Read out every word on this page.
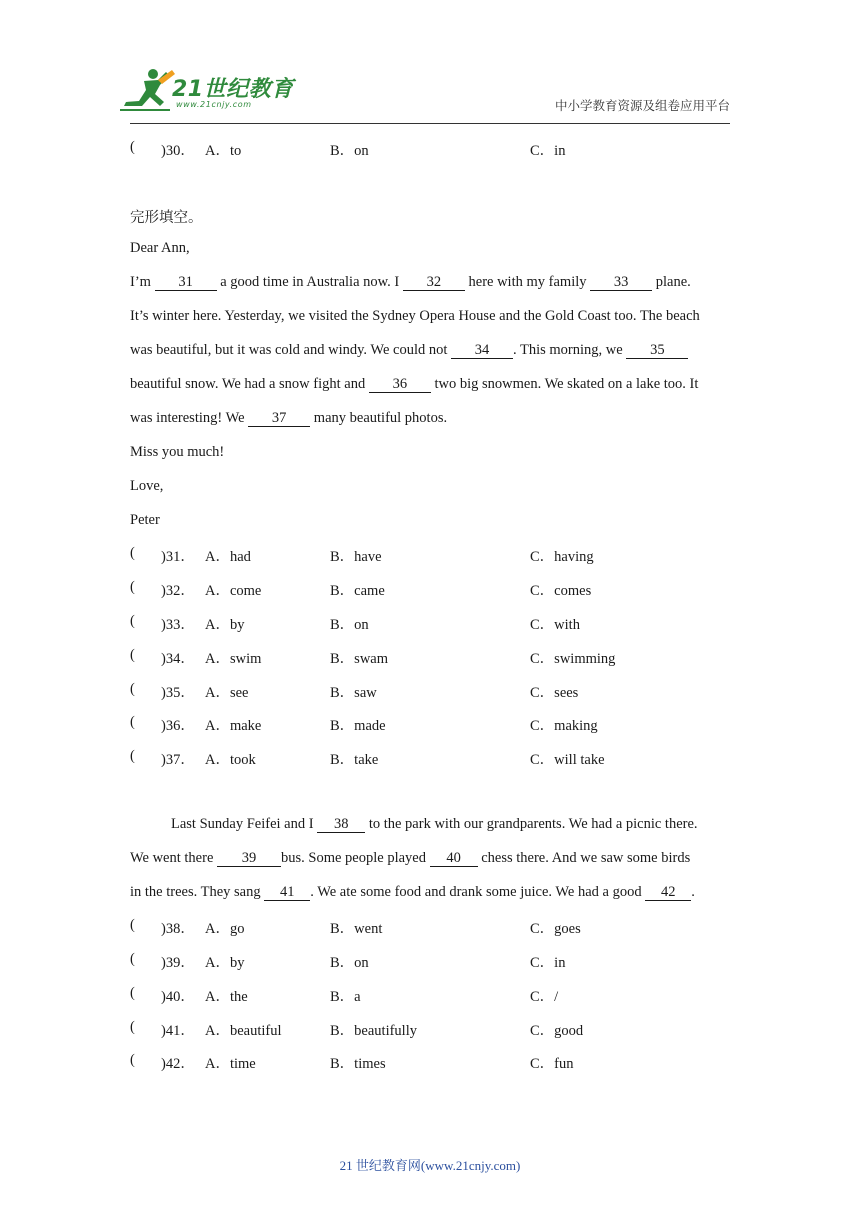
21世纪教育
www.21cnjy.com	中小学教育资源及组卷应用平台
( )30． A．to	B．on	C．in
完形填空。
Dear Ann,
I’m 31 a good time in Australia now. I 32 here with my family 33 plane.
It’s winter here. Yesterday, we visited the Sydney Opera House and the Gold Coast too. The beach
was beautiful, but it was cold and windy. We could not 34 . This morning, we 35
beautiful snow. We had a snow fight and 36 two big snowmen. We skated on a lake too. It
was interesting! We 37 many beautiful photos.
Miss you much!
Love,
Peter
( )31． A．had	B．have	C．having
( )32． A．come	B．came	C．comes
( )33． A．by	B．on	C．with
( )34． A．swim	B．swam	C．swimming
( )35． A．see	B．saw	C．sees
( )36． A．make	B．made	C．making
( )37． A．took	B．take	C．will take
Last Sunday Feifei and I 38 to the park with our grandparents. We had a picnic there.
We went there 39 bus. Some people played 40 chess there. And we saw some birds
in the trees. They sang 41 . We ate some food and drank some juice. We had a good 42 .
( )38． A．go	B．went	C．goes
( )39． A．by	B．on	C．in
( )40． A．the	B．a	C．/
( )41． A．beautiful	B．beautifully	C．good
( )42． A．time	B．times	C．fun
21 世纪教育网(www.21cnjy.com)
